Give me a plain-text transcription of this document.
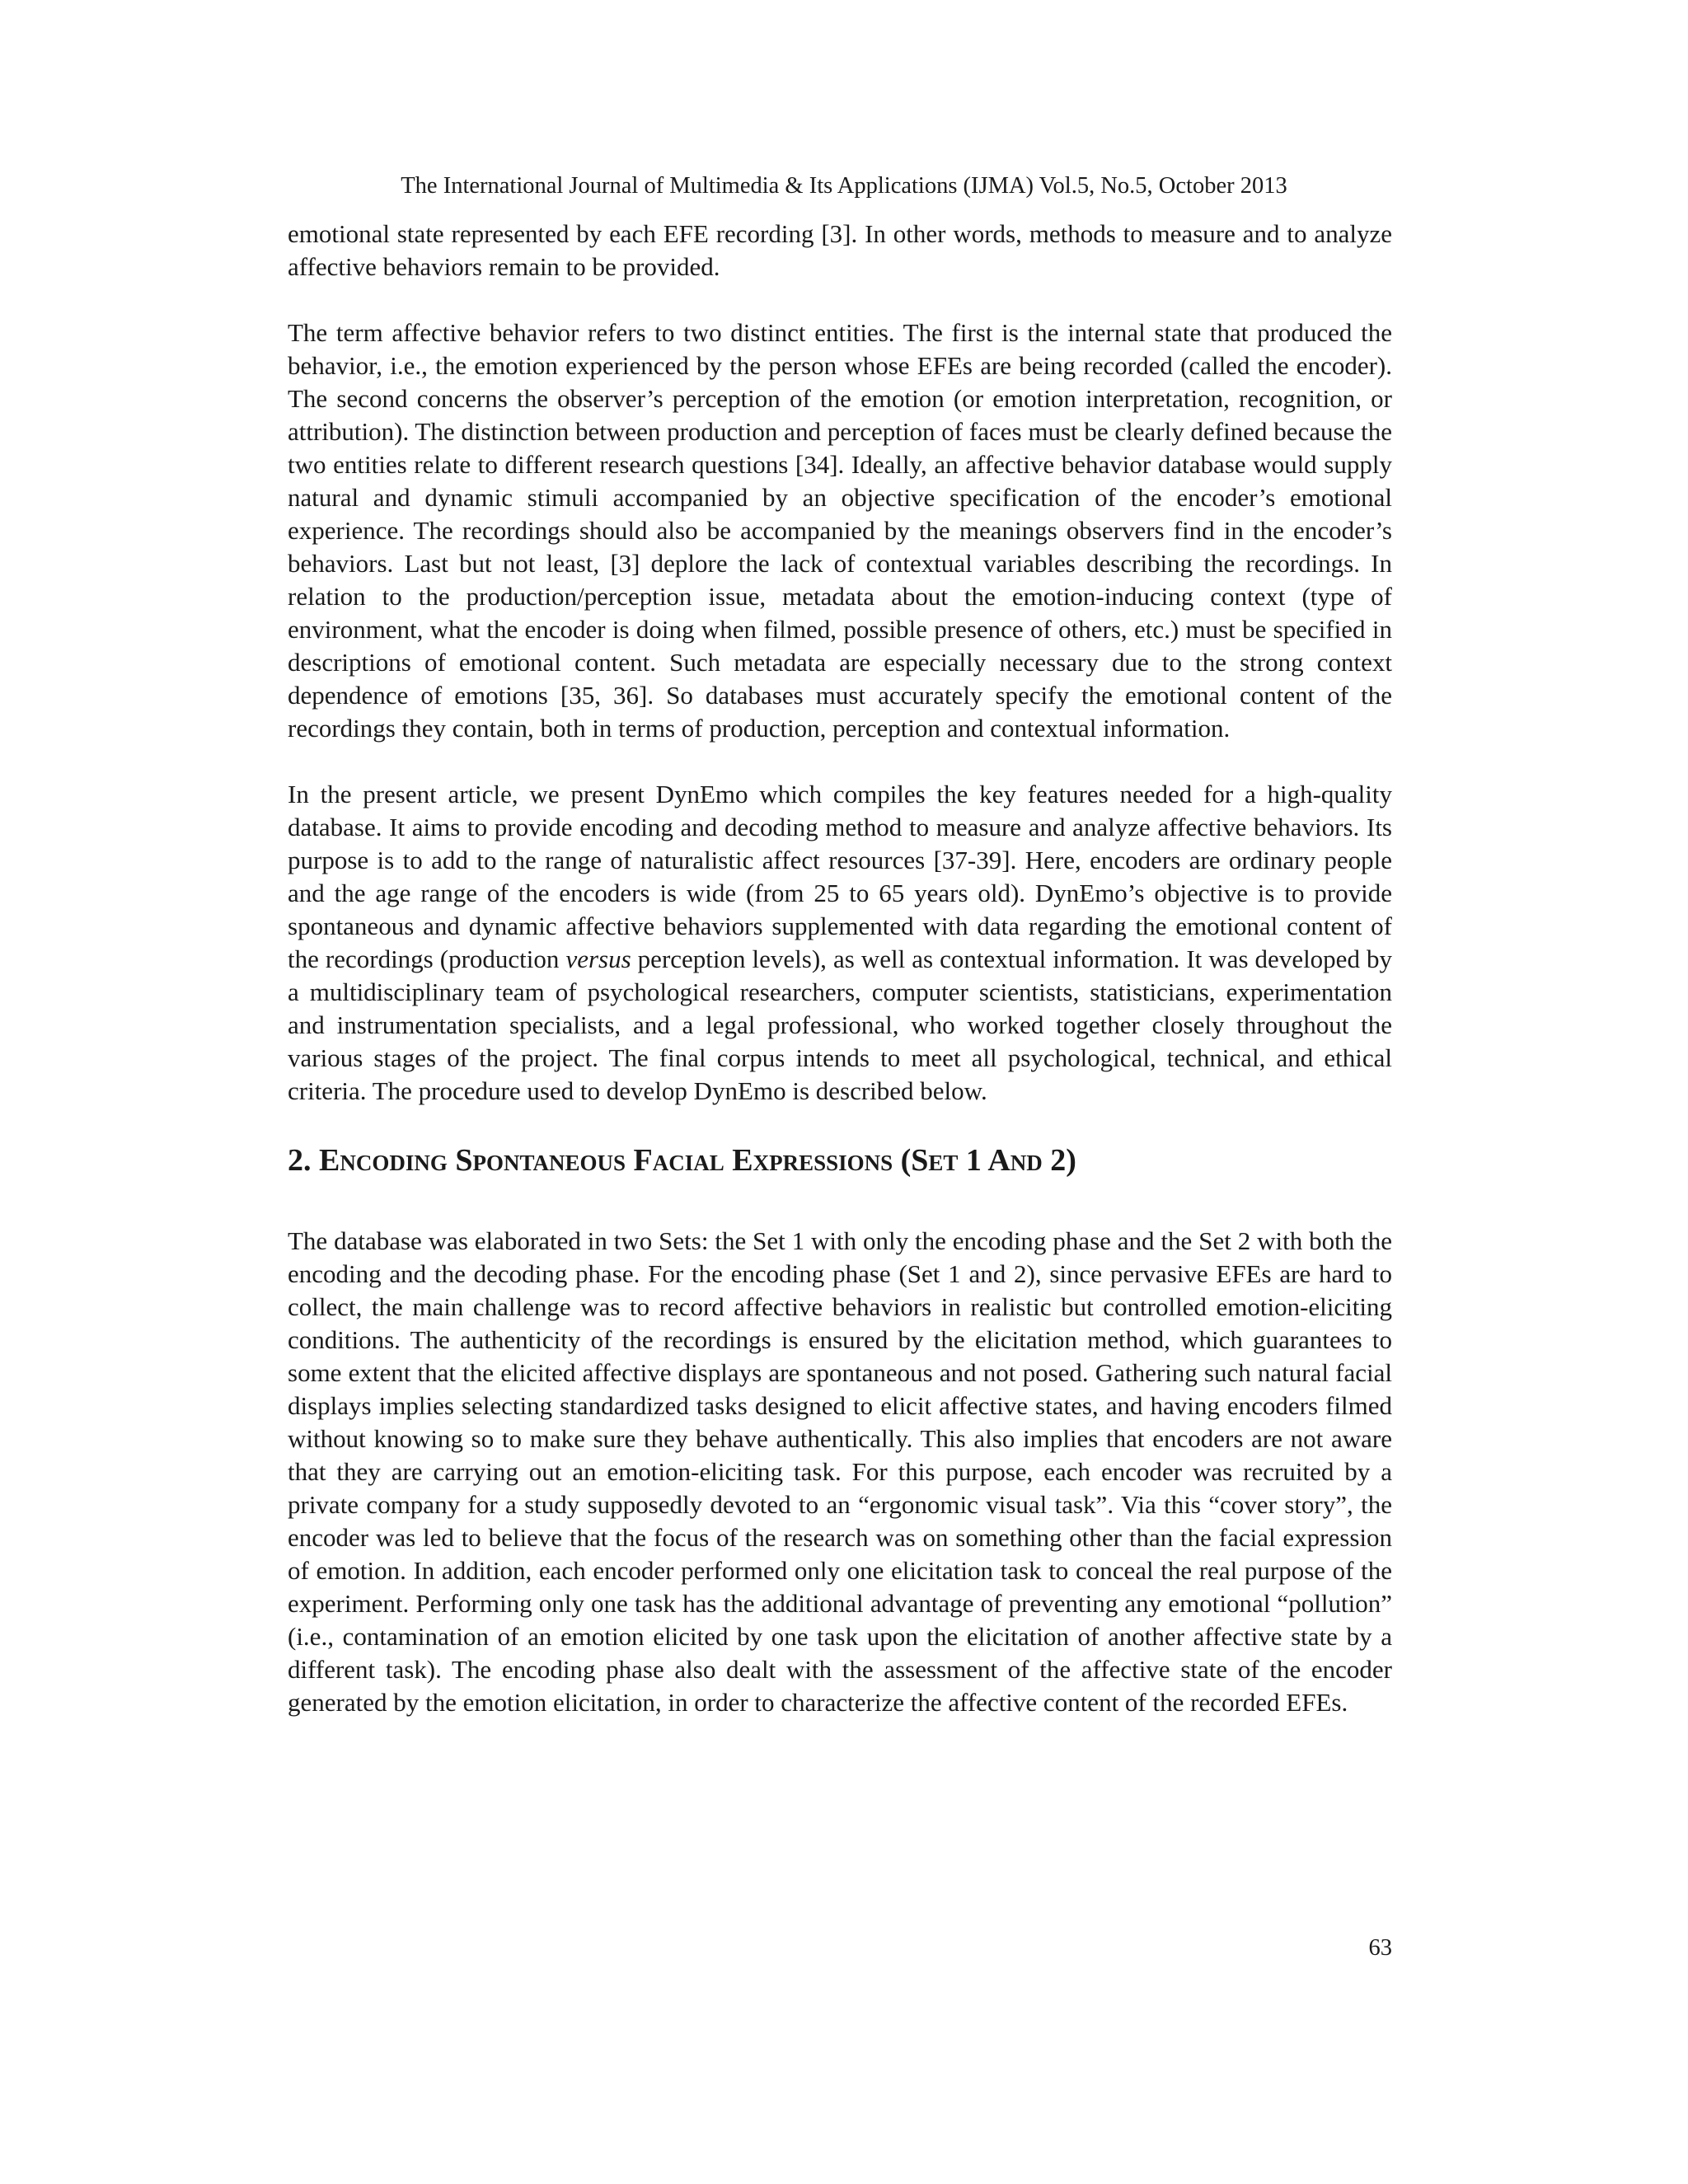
The International Journal of Multimedia & Its Applications (IJMA) Vol.5, No.5, October 2013

emotional state represented by each EFE recording [3]. In other words, methods to measure and to analyze affective behaviors remain to be provided.

The term affective behavior refers to two distinct entities. The first is the internal state that produced the behavior, i.e., the emotion experienced by the person whose EFEs are being recorded (called the encoder). The second concerns the observer’s perception of the emotion (or emotion interpretation, recognition, or attribution). The distinction between production and perception of faces must be clearly defined because the two entities relate to different research questions [34]. Ideally, an affective behavior database would supply natural and dynamic stimuli accompanied by an objective specification of the encoder’s emotional experience. The recordings should also be accompanied by the meanings observers find in the encoder’s behaviors. Last but not least, [3] deplore the lack of contextual variables describing the recordings. In relation to the production/perception issue, metadata about the emotion-inducing context (type of environment, what the encoder is doing when filmed, possible presence of others, etc.) must be specified in descriptions of emotional content. Such metadata are especially necessary due to the strong context dependence of emotions [35, 36]. So databases must accurately specify the emotional content of the recordings they contain, both in terms of production, perception and contextual information.

In the present article, we present DynEmo which compiles the key features needed for a high-quality database. It aims to provide encoding and decoding method to measure and analyze affective behaviors. Its purpose is to add to the range of naturalistic affect resources [37-39]. Here, encoders are ordinary people and the age range of the encoders is wide (from 25 to 65 years old). DynEmo’s objective is to provide spontaneous and dynamic affective behaviors supplemented with data regarding the emotional content of the recordings (production versus perception levels), as well as contextual information. It was developed by a multidisciplinary team of psychological researchers, computer scientists, statisticians, experimentation and instrumentation specialists, and a legal professional, who worked together closely throughout the various stages of the project. The final corpus intends to meet all psychological, technical, and ethical criteria. The procedure used to develop DynEmo is described below.

2. Encoding Spontaneous Facial Expressions (Set 1 And 2)

The database was elaborated in two Sets: the Set 1 with only the encoding phase and the Set 2 with both the encoding and the decoding phase. For the encoding phase (Set 1 and 2), since pervasive EFEs are hard to collect, the main challenge was to record affective behaviors in realistic but controlled emotion-eliciting conditions. The authenticity of the recordings is ensured by the elicitation method, which guarantees to some extent that the elicited affective displays are spontaneous and not posed. Gathering such natural facial displays implies selecting standardized tasks designed to elicit affective states, and having encoders filmed without knowing so to make sure they behave authentically. This also implies that encoders are not aware that they are carrying out an emotion-eliciting task. For this purpose, each encoder was recruited by a private company for a study supposedly devoted to an “ergonomic visual task”. Via this “cover story”, the encoder was led to believe that the focus of the research was on something other than the facial expression of emotion. In addition, each encoder performed only one elicitation task to conceal the real purpose of the experiment. Performing only one task has the additional advantage of preventing any emotional “pollution” (i.e., contamination of an emotion elicited by one task upon the elicitation of another affective state by a different task). The encoding phase also dealt with the assessment of the affective state of the encoder generated by the emotion elicitation, in order to characterize the affective content of the recorded EFEs.

63
